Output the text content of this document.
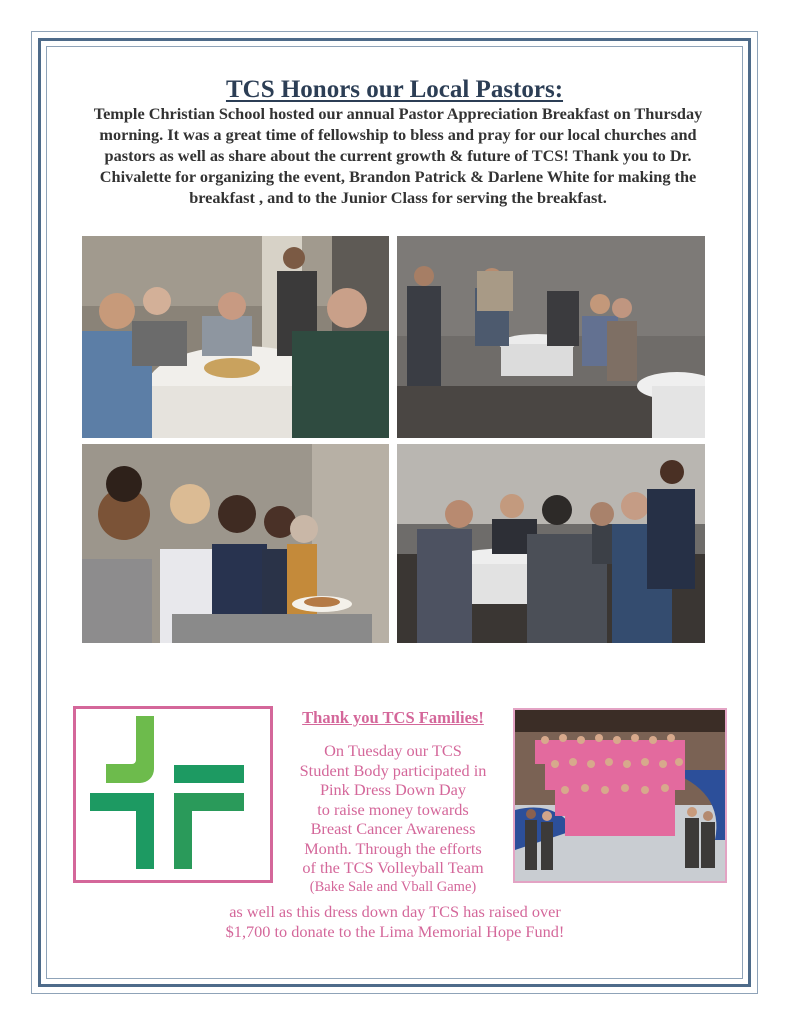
TCS Honors our Local Pastors:

Temple Christian School hosted our annual Pastor Appreciation Breakfast on Thursday morning. It was a great time of fellowship to bless and pray for our local churches and pastors as well as share about the current growth & future of TCS! Thank you to Dr. Chivalette for organizing the event, Brandon Patrick & Darlene White for making the breakfast , and to the Junior Class for serving the breakfast.

Thank you TCS Families!
On Tuesday our TCS
Student Body participated in
Pink Dress Down Day
to raise money towards
Breast Cancer Awareness
Month. Through the efforts
of the TCS Volleyball Team
(Bake Sale and Vball Game)
as well as this dress down day TCS has raised over
$1,700 to donate to the Lima Memorial Hope Fund!
